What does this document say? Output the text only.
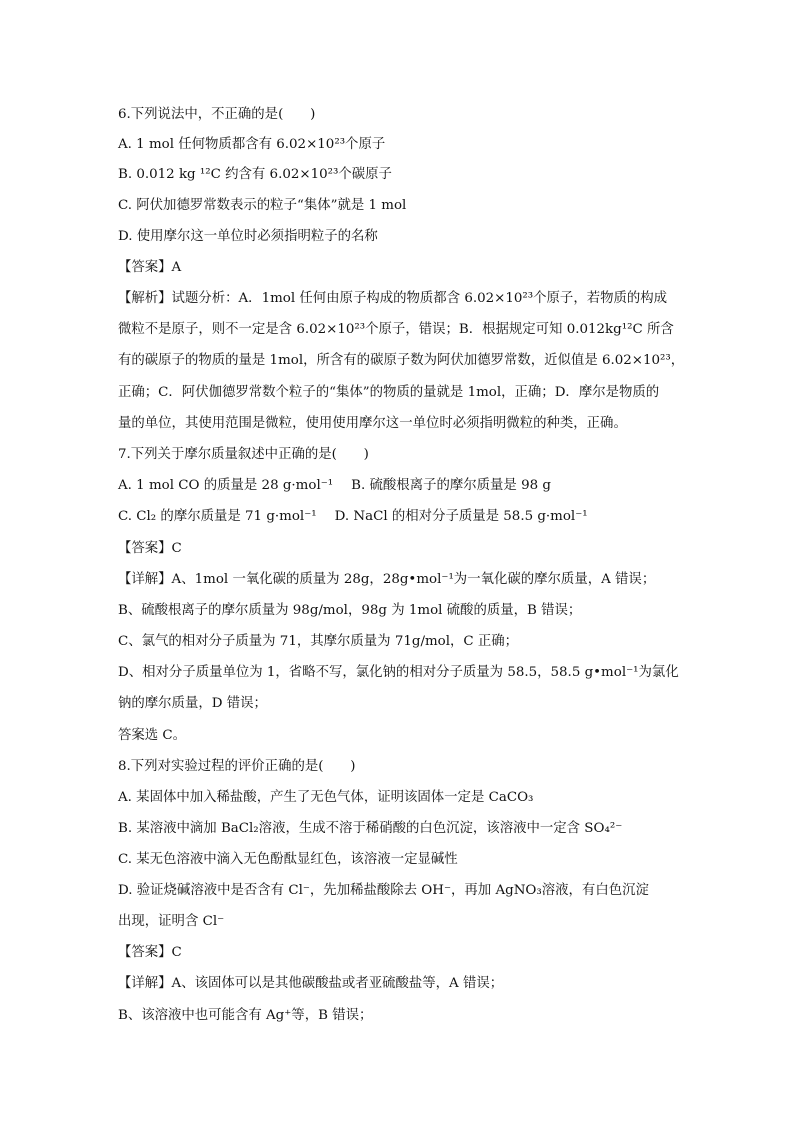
6.下列说法中，不正确的是(　　)
A. 1 mol 任何物质都含有 6.02×10²³个原子
B. 0.012 kg ¹²C 约含有 6.02×10²³个碳原子
C. 阿伏加德罗常数表示的粒子“集体”就是 1 mol
D. 使用摩尔这一单位时必须指明粒子的名称
【答案】A
【解析】试题分析：A．1mol 任何由原子构成的物质都含 6.02×10²³个原子，若物质的构成
微粒不是原子，则不一定是含 6.02×10²³个原子，错误；B．根据规定可知 0.012kg¹²C 所含
有的碳原子的物质的量是 1mol，所含有的碳原子数为阿伏加德罗常数，近似值是 6.02×10²³，
正确；C．阿伏伽德罗常数个粒子的“集体”的物质的量就是 1mol，正确；D．摩尔是物质的
量的单位，其使用范围是微粒，使用使用摩尔这一单位时必须指明微粒的种类，正确。
7.下列关于摩尔质量叙述中正确的是(　　)
A. 1 mol CO 的质量是 28 g·mol⁻¹ B. 硫酸根离子的摩尔质量是 98 g
C. Cl₂ 的摩尔质量是 71 g·mol⁻¹ D. NaCl 的相对分子质量是 58.5 g·mol⁻¹
【答案】C
【详解】A、1mol 一氧化碳的质量为 28g，28g•mol⁻¹为一氧化碳的摩尔质量，A 错误；
B、硫酸根离子的摩尔质量为 98g/mol，98g 为 1mol 硫酸的质量，B 错误；
C、氯气的相对分子质量为 71，其摩尔质量为 71g/mol，C 正确；
D、相对分子质量单位为 1，省略不写，氯化钠的相对分子质量为 58.5，58.5 g•mol⁻¹为氯化
钠的摩尔质量，D 错误；
答案选 C。
8.下列对实验过程的评价正确的是(　　)
A. 某固体中加入稀盐酸，产生了无色气体，证明该固体一定是 CaCO₃
B. 某溶液中滴加 BaCl₂溶液，生成不溶于稀硝酸的白色沉淀，该溶液中一定含 SO₄²⁻
C. 某无色溶液中滴入无色酚酞显红色，该溶液一定显碱性
D. 验证烧碱溶液中是否含有 Cl⁻，先加稀盐酸除去 OH⁻，再加 AgNO₃溶液，有白色沉淀
出现，证明含 Cl⁻
【答案】C
【详解】A、该固体可以是其他碳酸盐或者亚硫酸盐等，A 错误；
B、该溶液中也可能含有 Ag⁺等，B 错误；
